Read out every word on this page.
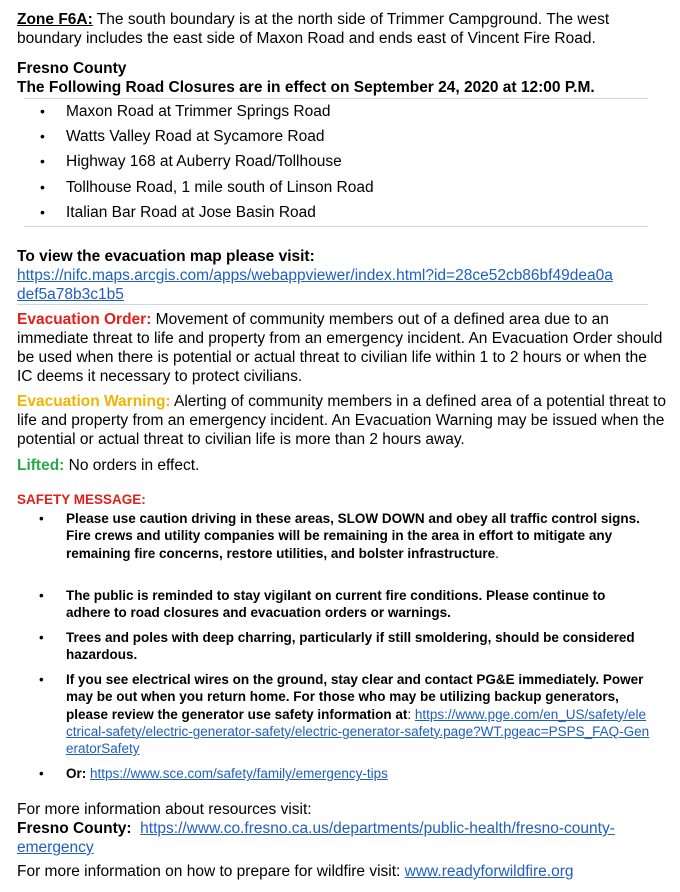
Zone F6A: The south boundary is at the north side of Trimmer Campground. The west boundary includes the east side of Maxon Road and ends east of Vincent Fire Road.

Fresno County

The Following Road Closures are in effect on September 24, 2020 at 12:00 P.M.

•
Maxon Road at Trimmer Springs Road
•
Watts Valley Road at Sycamore Road
•
Highway 168 at Auberry Road/Tollhouse
•
Tollhouse Road, 1 mile south of Linson Road
•
Italian Bar Road at Jose Basin Road

To view the evacuation map please visit:

https://nifc.maps.arcgis.com/apps/webappviewer/index.html?id=28ce52cb86bf49dea0a
def5a78b3c1b5

Evacuation Order: Movement of community members out of a defined area due to an immediate threat to life and property from an emergency incident. An Evacuation Order should be used when there is potential or actual threat to civilian life within 1 to 2 hours or when the IC deems it necessary to protect civilians.

Evacuation Warning: Alerting of community members in a defined area of a potential threat to life and property from an emergency incident. An Evacuation Warning may be issued when the potential or actual threat to civilian life is more than 2 hours away.

Lifted: No orders in effect.

SAFETY MESSAGE:
•
Please use caution driving in these areas, SLOW DOWN and obey all traffic control signs. Fire crews and utility companies will be remaining in the area in effort to mitigate any remaining fire concerns, restore utilities, and bolster infrastructure.
•
The public is reminded to stay vigilant on current fire conditions. Please continue to adhere to road closures and evacuation orders or warnings.
•
Trees and poles with deep charring, particularly if still smoldering, should be considered hazardous.
•
If you see electrical wires on the ground, stay clear and contact PG&E immediately. Power may be out when you return home. For those who may be utilizing backup generators, please review the generator use safety information at: https://www.pge.com/en_US/safety/electrical-safety/electric-generator-safety/electric-generator-safety.page?WT.pgeac=PSPS_FAQ-GeneratorSafety
•
Or: https://www.sce.com/safety/family/emergency-tips

For more information about resources visit:

Fresno County: https://www.co.fresno.ca.us/departments/public-health/fresno-county-
emergency

For more information on how to prepare for wildfire visit: www.readyforwildfire.org
